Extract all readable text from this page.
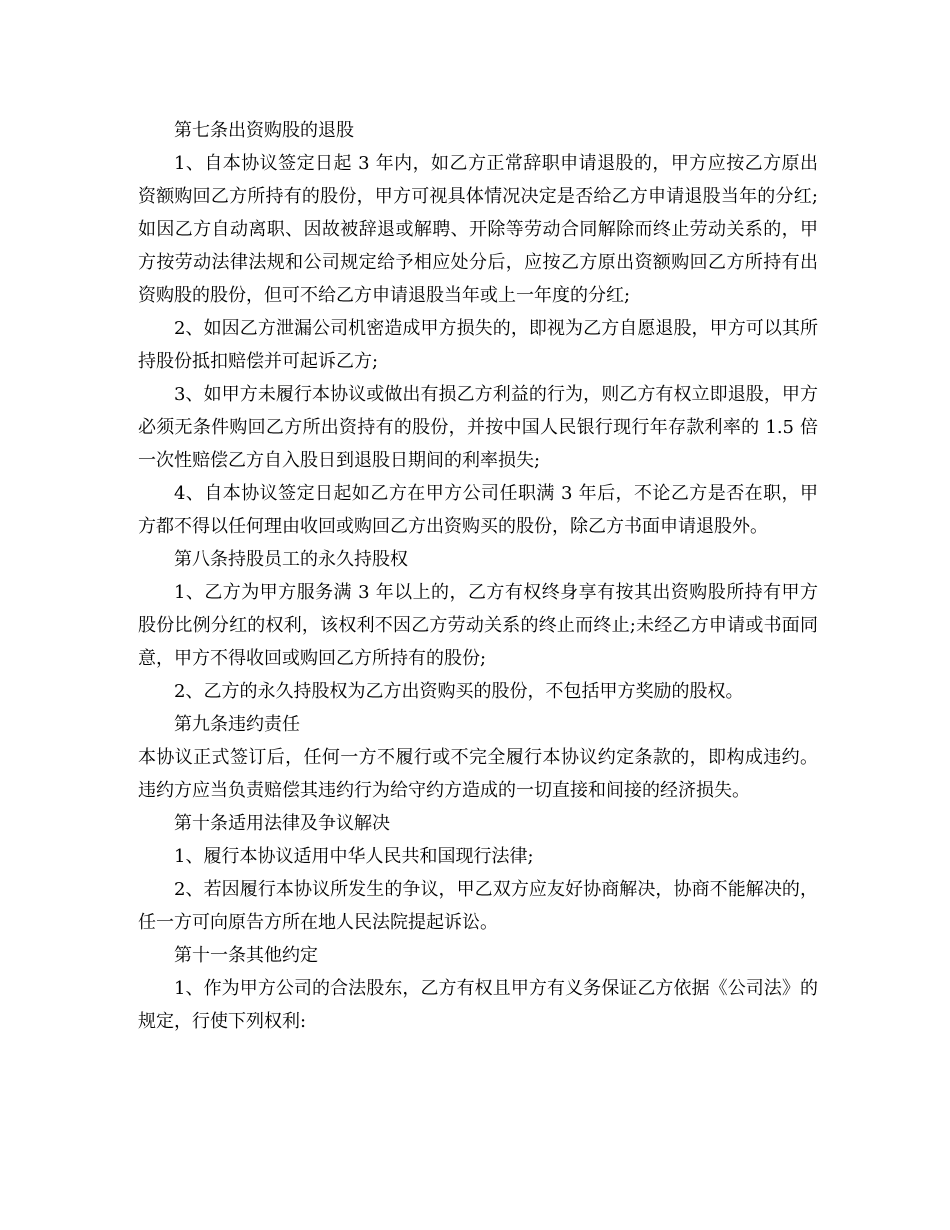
第七条出资购股的退股

1、自本协议签定日起 3 年内，如乙方正常辞职申请退股的，甲方应按乙方原出资额购回乙方所持有的股份，甲方可视具体情况决定是否给乙方申请退股当年的分红;如因乙方自动离职、因故被辞退或解聘、开除等劳动合同解除而终止劳动关系的，甲方按劳动法律法规和公司规定给予相应处分后，应按乙方原出资额购回乙方所持有出资购股的股份，但可不给乙方申请退股当年或上一年度的分红;

2、如因乙方泄漏公司机密造成甲方损失的，即视为乙方自愿退股，甲方可以其所持股份抵扣赔偿并可起诉乙方;

3、如甲方未履行本协议或做出有损乙方利益的行为，则乙方有权立即退股，甲方必须无条件购回乙方所出资持有的股份，并按中国人民银行现行年存款利率的 1.5 倍一次性赔偿乙方自入股日到退股日期间的利率损失;

4、自本协议签定日起如乙方在甲方公司任职满 3 年后，不论乙方是否在职，甲方都不得以任何理由收回或购回乙方出资购买的股份，除乙方书面申请退股外。

第八条持股员工的永久持股权

1、乙方为甲方服务满 3 年以上的，乙方有权终身享有按其出资购股所持有甲方股份比例分红的权利，该权利不因乙方劳动关系的终止而终止;未经乙方申请或书面同意，甲方不得收回或购回乙方所持有的股份;

2、乙方的永久持股权为乙方出资购买的股份，不包括甲方奖励的股权。

第九条违约责任

本协议正式签订后，任何一方不履行或不完全履行本协议约定条款的，即构成违约。违约方应当负责赔偿其违约行为给守约方造成的一切直接和间接的经济损失。

第十条适用法律及争议解决

1、履行本协议适用中华人民共和国现行法律;

2、若因履行本协议所发生的争议，甲乙双方应友好协商解决，协商不能解决的，任一方可向原告方所在地人民法院提起诉讼。

第十一条其他约定

1、作为甲方公司的合法股东，乙方有权且甲方有义务保证乙方依据《公司法》的规定，行使下列权利:
